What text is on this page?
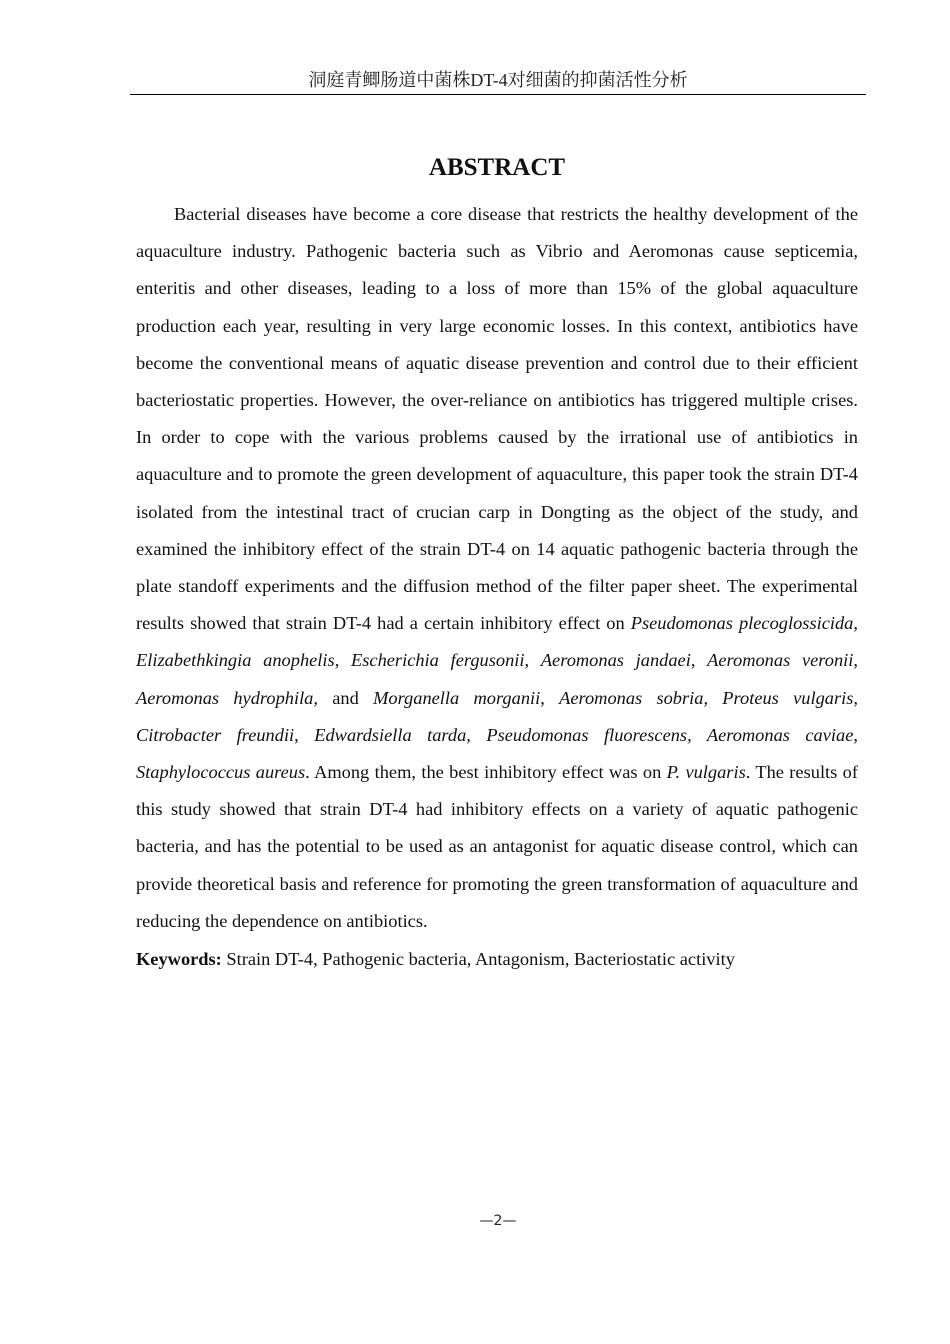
洞庭青鲫肠道中菌株DT-4对细菌的抑菌活性分析
ABSTRACT

Bacterial diseases have become a core disease that restricts the healthy development of the aquaculture industry. Pathogenic bacteria such as Vibrio and Aeromonas cause septicemia, enteritis and other diseases, leading to a loss of more than 15% of the global aquaculture production each year, resulting in very large economic losses. In this context, antibiotics have become the conventional means of aquatic disease prevention and control due to their efficient bacteriostatic properties. However, the over-reliance on antibiotics has triggered multiple crises. In order to cope with the various problems caused by the irrational use of antibiotics in aquaculture and to promote the green development of aquaculture, this paper took the strain DT-4 isolated from the intestinal tract of crucian carp in Dongting as the object of the study, and examined the inhibitory effect of the strain DT-4 on 14 aquatic pathogenic bacteria through the plate standoff experiments and the diffusion method of the filter paper sheet. The experimental results showed that strain DT-4 had a certain inhibitory effect on Pseudomonas plecoglossicida, Elizabethkingia anophelis, Escherichia fergusonii, Aeromonas jandaei, Aeromonas veronii, Aeromonas hydrophila, and Morganella morganii, Aeromonas sobria, Proteus vulgaris, Citrobacter freundii, Edwardsiella tarda, Pseudomonas fluorescens, Aeromonas caviae, Staphylococcus aureus. Among them, the best inhibitory effect was on P. vulgaris. The results of this study showed that strain DT-4 had inhibitory effects on a variety of aquatic pathogenic bacteria, and has the potential to be used as an antagonist for aquatic disease control, which can provide theoretical basis and reference for promoting the green transformation of aquaculture and reducing the dependence on antibiotics.

Keywords: Strain DT-4, Pathogenic bacteria, Antagonism, Bacteriostatic activity

—2—
